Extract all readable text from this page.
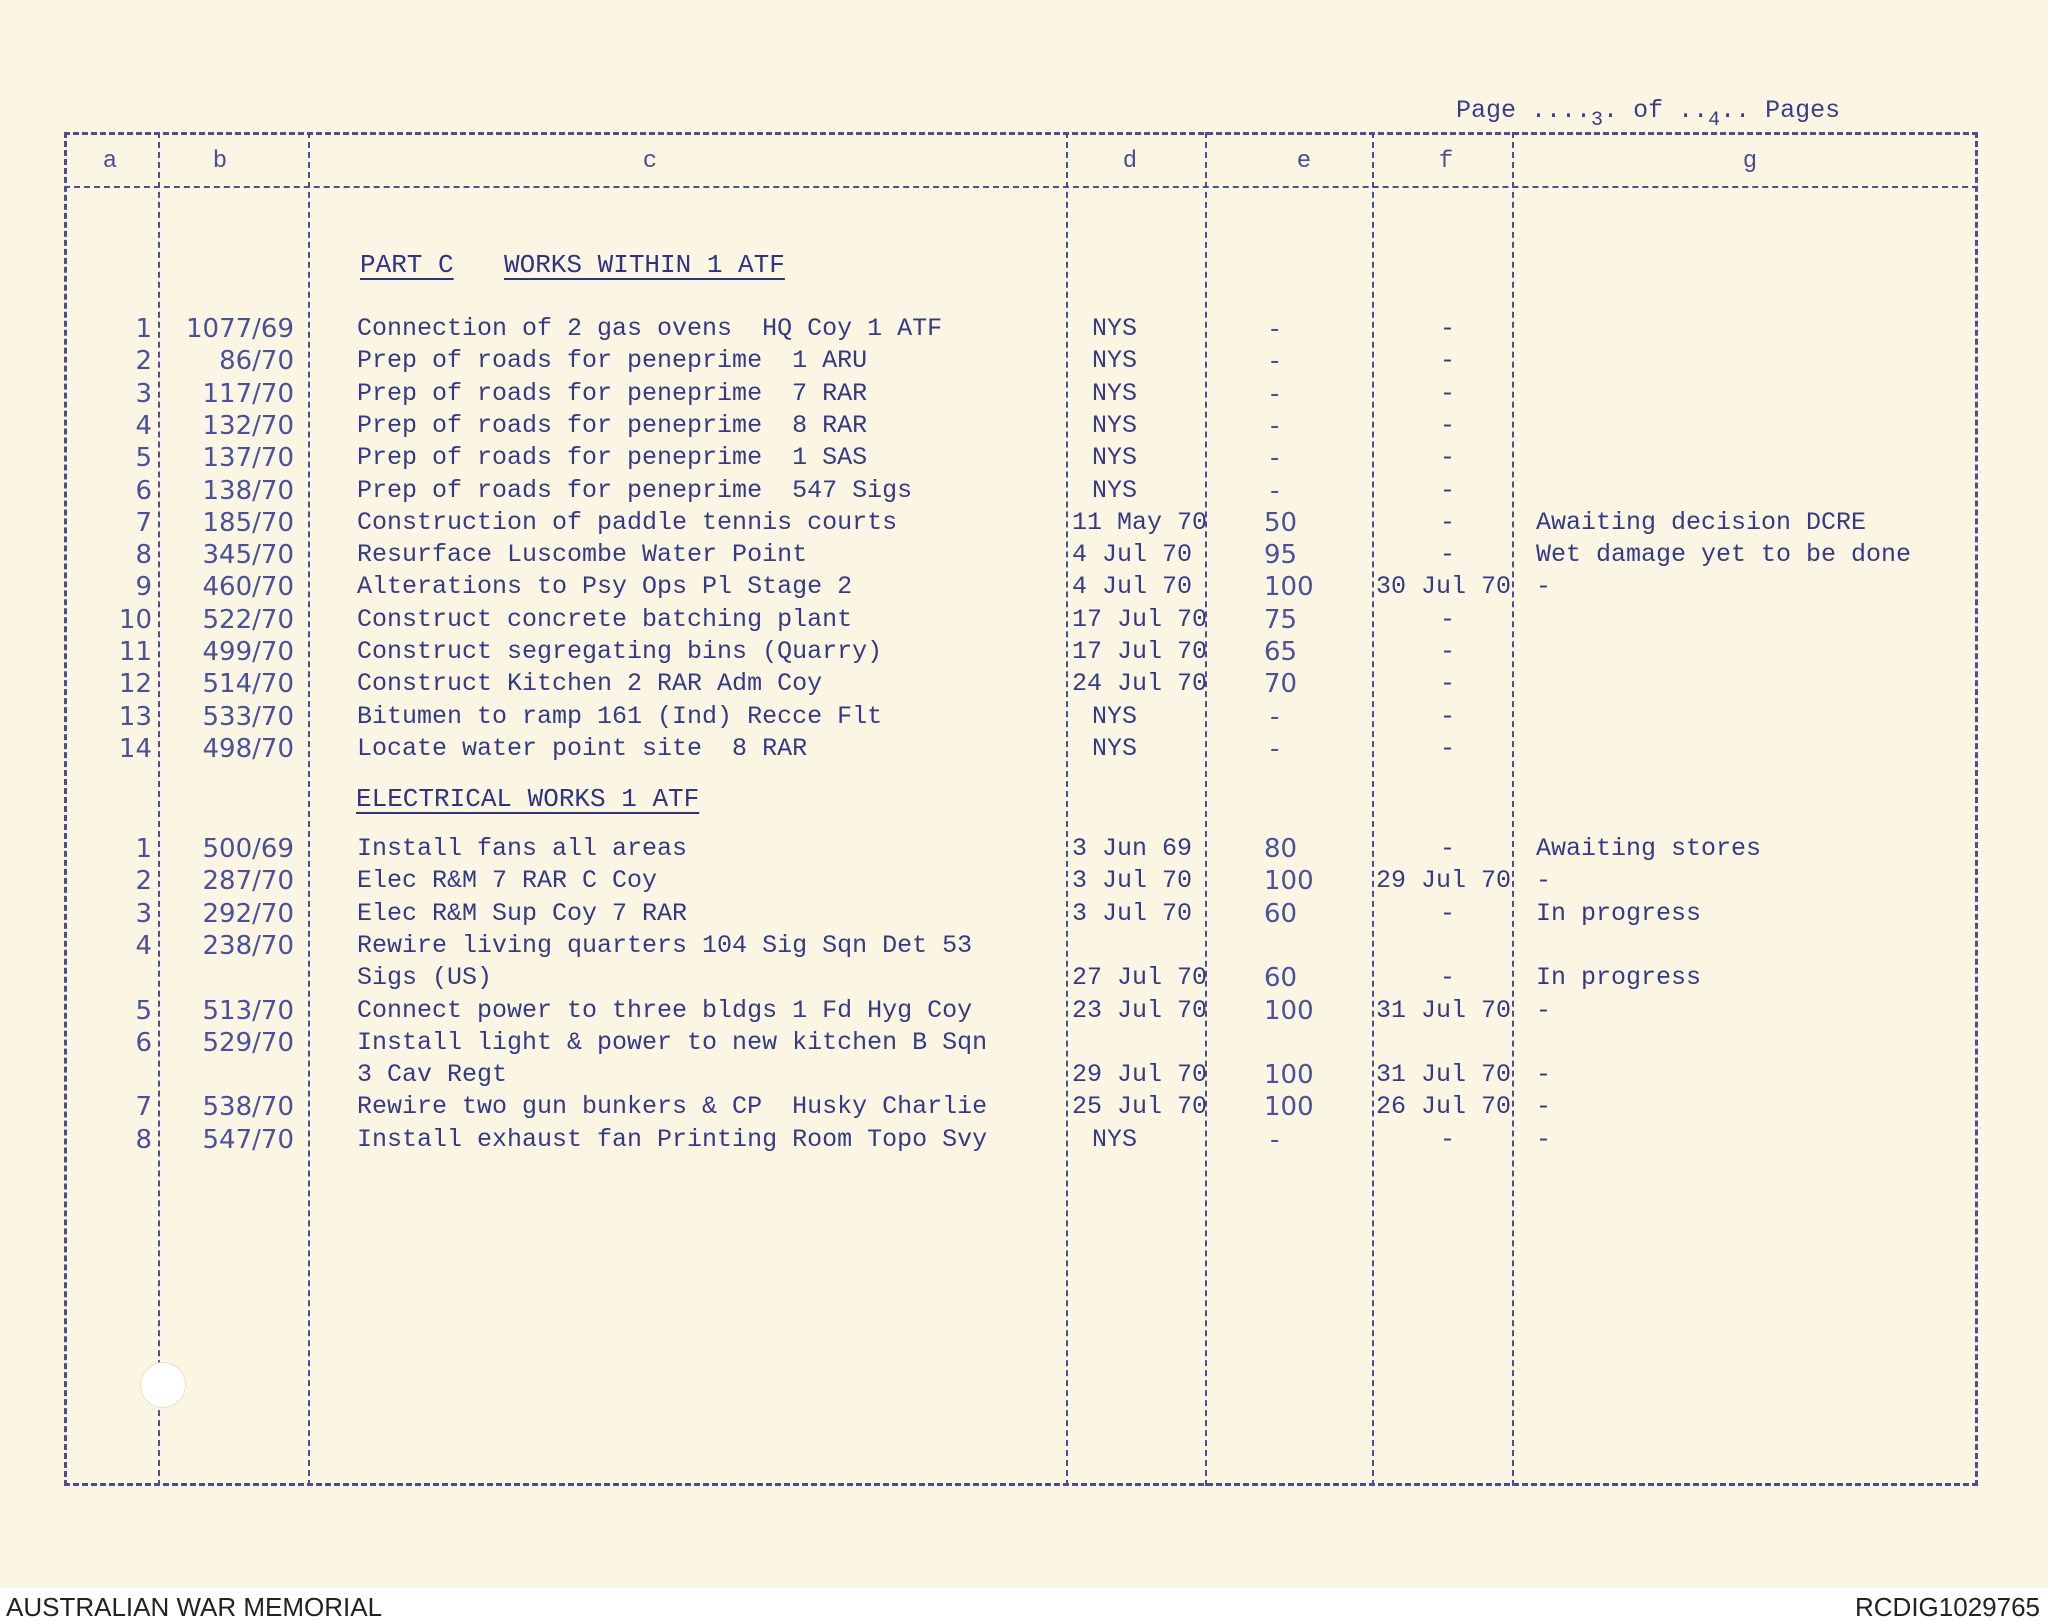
Page $...._3$. of $.._4$.. Pages
a	b	c	d	e	f	g
PART C WORKS WITHIN 1 ATF
1	1077/69	Connection of 2 gas ovens  HQ Coy 1 ATF	NYS	-	-
2	86/70	Prep of roads for peneprime  1 ARU	NYS	-	-
3	117/70	Prep of roads for peneprime  7 RAR	NYS	-	-
4	132/70	Prep of roads for peneprime  8 RAR	NYS	-	-
5	137/70	Prep of roads for peneprime  1 SAS	NYS	-	-
6	138/70	Prep of roads for peneprime  547 Sigs	NYS	-	-
7	185/70	Construction of paddle tennis courts	11 May 70 50	-	Awaiting decision DCRE
8	345/70	Resurface Luscombe Water Point	4 Jul 70	95	-	Wet damage yet to be done
9	460/70	Alterations to Psy Ops Pl Stage 2	4 Jul 70	100	30 Jul 70 -
10	522/70	Construct concrete batching plant	17 Jul 70 75	-
11	499/70	Construct segregating bins (Quarry)	17 Jul 70 65	-
12	514/70	Construct Kitchen 2 RAR Adm Coy	24 Jul 70 70	-
13	533/70	Bitumen to ramp 161 (Ind) Recce Flt	NYS	-	-
14	498/70	Locate water point site  8 RAR	NYS	-	-
ELECTRICAL WORKS 1 ATF
1	500/69	Install fans all areas	3 Jun 69	80	-	Awaiting stores
2	287/70	Elec R&M 7 RAR C Coy	3 Jul 70	100	29 Jul 70 -
3	292/70	Elec R&M Sup Coy 7 RAR	3 Jul 70	60	-	In progress
4	238/70	Rewire living quarters 104 Sig Sqn Det 53
Sigs (US)	27 Jul 70 60	-	In progress
5	513/70	Connect power to three bldgs 1 Fd Hyg Coy	23 Jul 70 100	31 Jul 70 -
6	529/70	Install light & power to new kitchen B Sqn
3 Cav Regt	29 Jul 70 100	31 Jul 70 -
7	538/70	Rewire two gun bunkers & CP  Husky Charlie	25 Jul 70 100	26 Jul 70 -
8	547/70	Install exhaust fan Printing Room Topo Svy	NYS	-	-	-
AUSTRALIAN WAR MEMORIAL	RCDIG1029765
